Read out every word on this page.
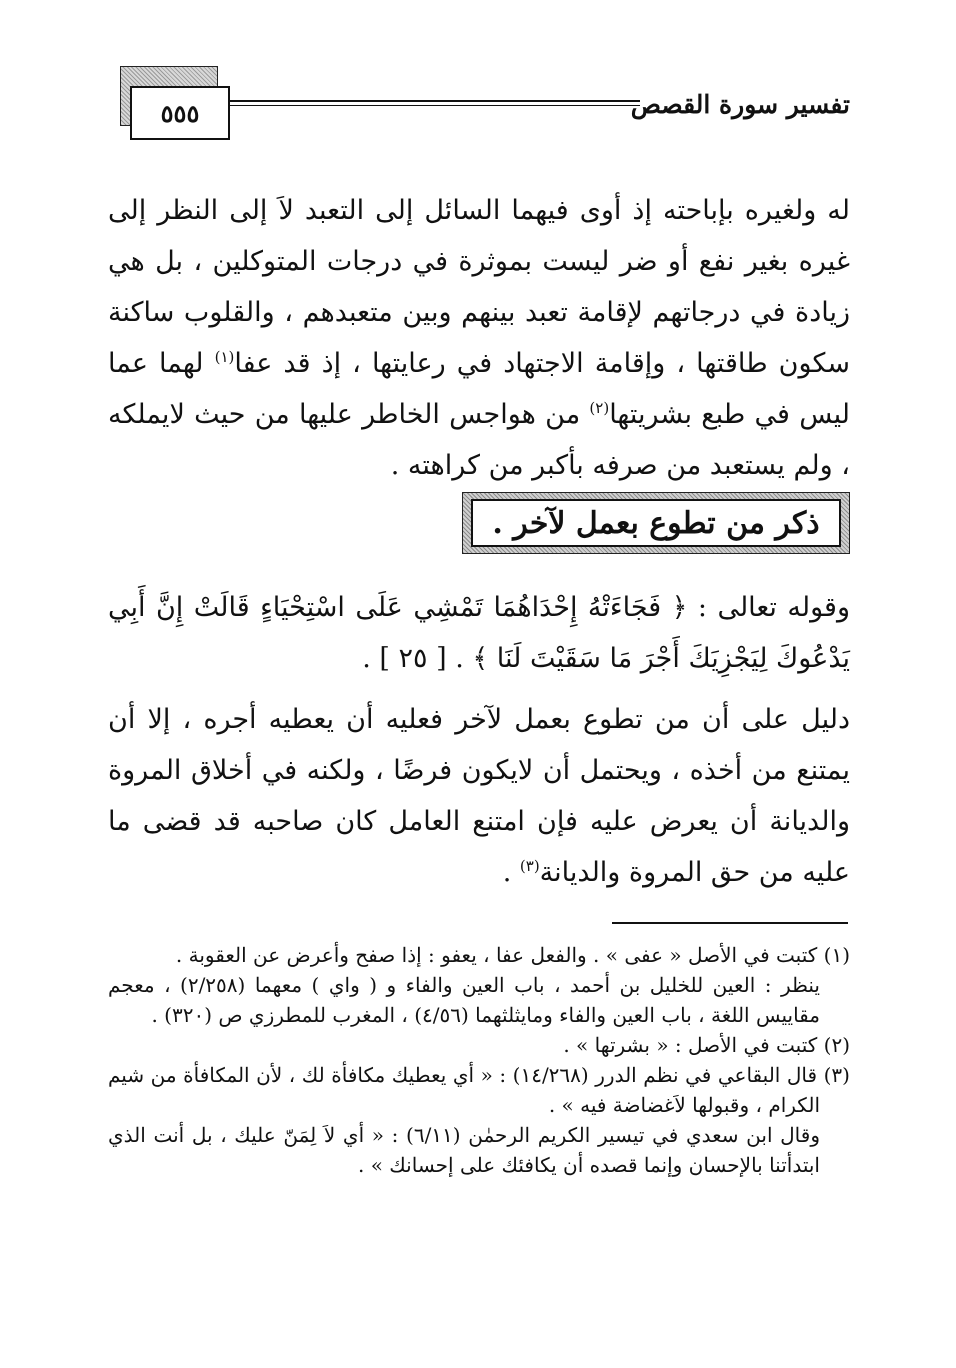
٥٥٥	تفسير سورة القصص

له ولغيره بإباحته إذ أوى فيهما السائل إلى التعبد لاَ إلى النظر إلى غيره بغير نفع أو ضر ليست بموثرة في درجات المتوكلين ، بل هي زيادة في درجاتهم لإقامة تعبد بينهم وبين متعبدهم ، والقلوب ساكنة سكون طاقتها ، وإقامة الاجتهاد في رعايتها ، إذ قد عفا$^{(١)}$ لهما عما ليس في طبع بشريتها$^{(٢)}$ من هواجس الخاطر عليها من حيث لايملكه ، ولم يستعبد من صرفه بأكبر من كراهته .

ذكر من تطوع بعمل لآخر .

وقوله تعالى : ﴿ فَجَاءَتْهُ إِحْدَاهُمَا تَمْشِي عَلَى اسْتِحْيَاءٍ قَالَتْ إِنَّ أَبِي يَدْعُوكَ لِيَجْزِيَكَ أَجْرَ مَا سَقَيْتَ لَنَا ﴾ . [ ٢٥ ] .

دليل على أن من تطوع بعمل لآخر فعليه أن يعطيه أجره ، إلا أن يمتنع من أخذه ، ويحتمل أن لايكون فرضًا ، ولكنه في أخلاق المروة والديانة أن يعرض عليه فإن امتنع العامل كان صاحبه قد قضى ما عليه من حق المروة والديانة$^{(٣)}$ .

(١) كتبت في الأصل « عفى » . والفعل عفا ، يعفو : إذا صفح وأعرض عن العقوبة .

ينظر : العين للخليل بن أحمد ، باب العين والفاء و ( واي ) معهما (٢/٢٥٨) ، معجم مقاييس اللغة ، باب العين والفاء ومايثلثهما (٤/٥٦) ، المغرب للمطرزي ص (٣٢٠) .

(٢) كتبت في الأصل : « بشرتها » .

(٣) قال البقاعي في نظم الدرر (١٤/٢٦٨) : « أي يعطيك مكافأة لك ، لأن المكافأة من شيم الكرام ، وقبولها لاَغضاضة فيه » .

وقال ابن سعدي في تيسير الكريم الرحمٰن (٦/١١) : « أي لاَ لِمَنّ عليك ، بل أنت الذي ابتدأتنا بالإحسان وإنما قصده أن يكافئك على إحسانك » .
